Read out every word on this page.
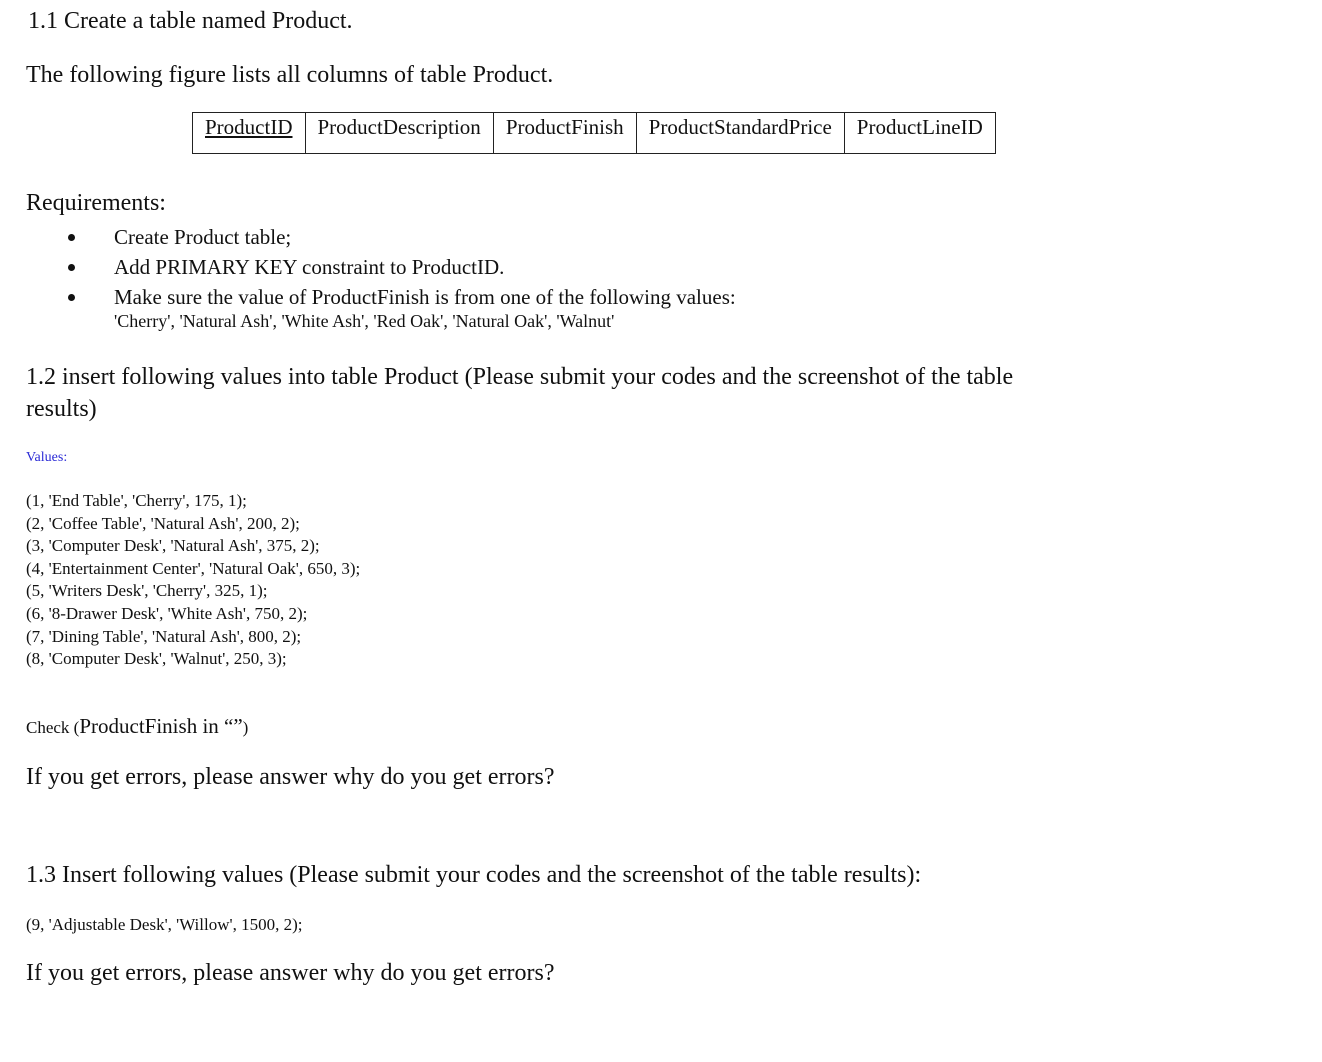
1.1 Create a table named Product.
The following figure lists all columns of table Product.
ProductID	ProductDescription	ProductFinish	ProductStandardPrice	ProductLineID
Requirements:
Create Product table;
Add PRIMARY KEY constraint to ProductID.
Make sure the value of ProductFinish is from one of the following values:
'Cherry', 'Natural Ash', 'White Ash', 'Red Oak', 'Natural Oak', 'Walnut'
1.2 insert following values into table Product (Please submit your codes and the screenshot of the table
results)
Values:
(1, 'End Table', 'Cherry', 175, 1);
(2, 'Coffee Table', 'Natural Ash', 200, 2);
(3, 'Computer Desk', 'Natural Ash', 375, 2);
(4, 'Entertainment Center', 'Natural Oak', 650, 3);
(5, 'Writers Desk', 'Cherry', 325, 1);
(6, '8-Drawer Desk', 'White Ash', 750, 2);
(7, 'Dining Table', 'Natural Ash', 800, 2);
(8, 'Computer Desk', 'Walnut', 250, 3);
Check (ProductFinish in “”)
If you get errors, please answer why do you get errors?
1.3 Insert following values (Please submit your codes and the screenshot of the table results):
(9, 'Adjustable Desk', 'Willow', 1500, 2);
If you get errors, please answer why do you get errors?
